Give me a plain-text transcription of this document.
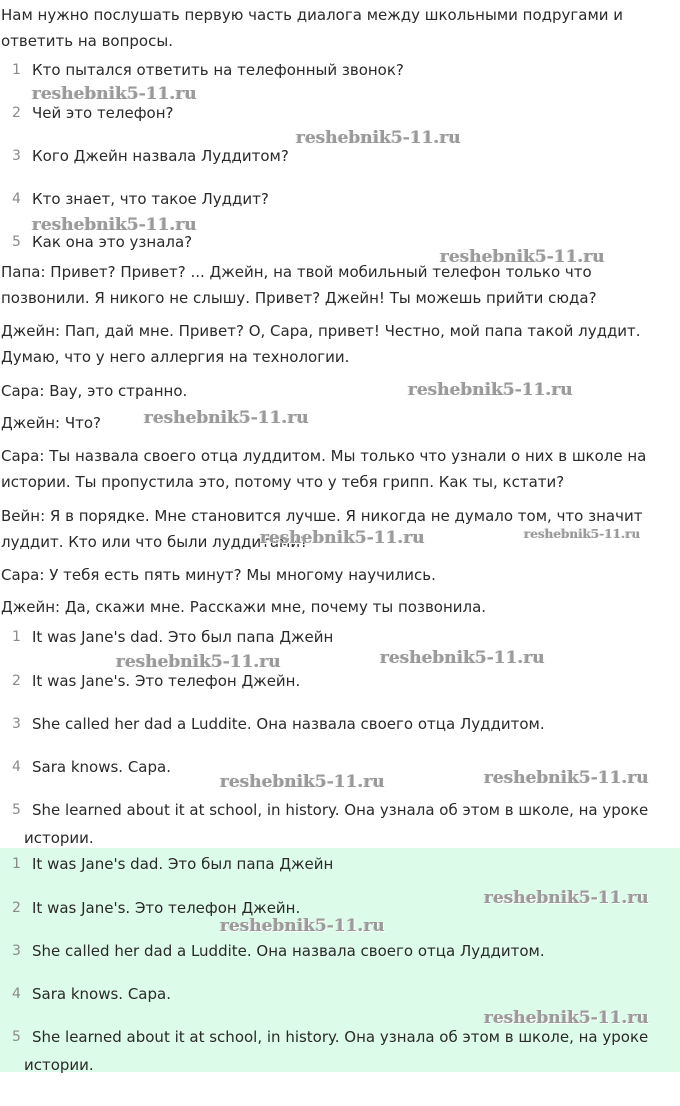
Нам нужно послушать первую часть диалога между школьными подругами и ответить на вопросы.

1 Кто пытался ответить на телефонный звонок?
2 Чей это телефон?
3 Кого Джейн назвала Луддитом?
4 Кто знает, что такое Луддит?
5 Как она это узнала?

Папа: Привет? Привет? ... Джейн, на твой мобильный телефон только что позвонили. Я никого не слышу. Привет? Джейн! Ты можешь прийти сюда?

Джейн: Пап, дай мне. Привет? О, Сара, привет! Честно, мой папа такой луддит. Думаю, что у него аллергия на технологии.

Сара: Вау, это странно.

Джейн: Что?

Сара: Ты назвала своего отца луддитом. Мы только что узнали о них в школе на истории. Ты пропустила это, потому что у тебя грипп. Как ты, кстати?

Вейн: Я в порядке. Мне становится лучше. Я никогда не думало том, что значит луддит. Кто или что были луддитами?

Сара: У тебя есть пять минут? Мы многому научились.

Джейн: Да, скажи мне. Расскажи мне, почему ты позвонила.

1 It was Jane's dad. Это был папа Джейн
2 It was Jane's. Это телефон Джейн.
3 She called her dad a Luddite. Она назвала своего отца Луддитом.
4 Sara knows. Сара.
5 She learned about it at school, in history. Она узнала об этом в школе, на уроке
истории.
1 It was Jane's dad. Это был папа Джейн
2 It was Jane's. Это телефон Джейн.
3 She called her dad a Luddite. Она назвала своего отца Луддитом.
4 Sara knows. Сара.
5 She learned about it at school, in history. Она узнала об этом в школе, на уроке
истории.
reshebnik5-11.ru
reshebnik5-11.ru
reshebnik5-11.ru
reshebnik5-11.ru
reshebnik5-11.ru
reshebnik5-11.ru
reshebnik5-11.ru	reshebnik5-11.ru
reshebnik5-11.ru	reshebnik5-11.ru
reshebnik5-11.ru	reshebnik5-11.ru
reshebnik5-11.ru
reshebnik5-11.ru
reshebnik5-11.ru
